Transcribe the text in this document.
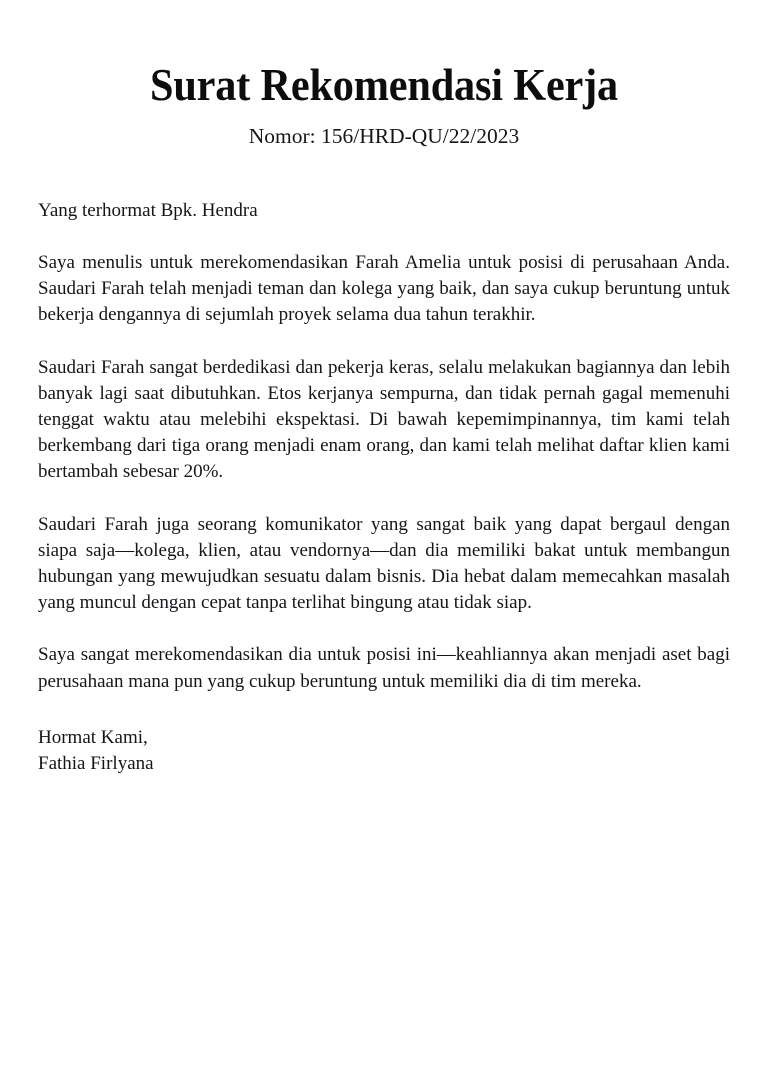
Surat Rekomendasi Kerja

Nomor: 156/HRD-QU/22/2023

Yang terhormat Bpk. Hendra

Saya menulis untuk merekomendasikan Farah Amelia untuk posisi di perusahaan Anda. Saudari Farah telah menjadi teman dan kolega yang baik, dan saya cukup beruntung untuk bekerja dengannya di sejumlah proyek selama dua tahun terakhir.

Saudari Farah sangat berdedikasi dan pekerja keras, selalu melakukan bagiannya dan lebih banyak lagi saat dibutuhkan. Etos kerjanya sempurna, dan tidak pernah gagal memenuhi tenggat waktu atau melebihi ekspektasi. Di bawah kepemimpinannya, tim kami telah berkembang dari tiga orang menjadi enam orang, dan kami telah melihat daftar klien kami bertambah sebesar 20%.

Saudari Farah juga seorang komunikator yang sangat baik yang dapat bergaul dengan siapa saja—kolega, klien, atau vendornya—dan dia memiliki bakat untuk membangun hubungan yang mewujudkan sesuatu dalam bisnis. Dia hebat dalam memecahkan masalah yang muncul dengan cepat tanpa terlihat bingung atau tidak siap.

Saya sangat merekomendasikan dia untuk posisi ini—keahliannya akan menjadi aset bagi perusahaan mana pun yang cukup beruntung untuk memiliki dia di tim mereka.

Hormat Kami,

Fathia Firlyana
